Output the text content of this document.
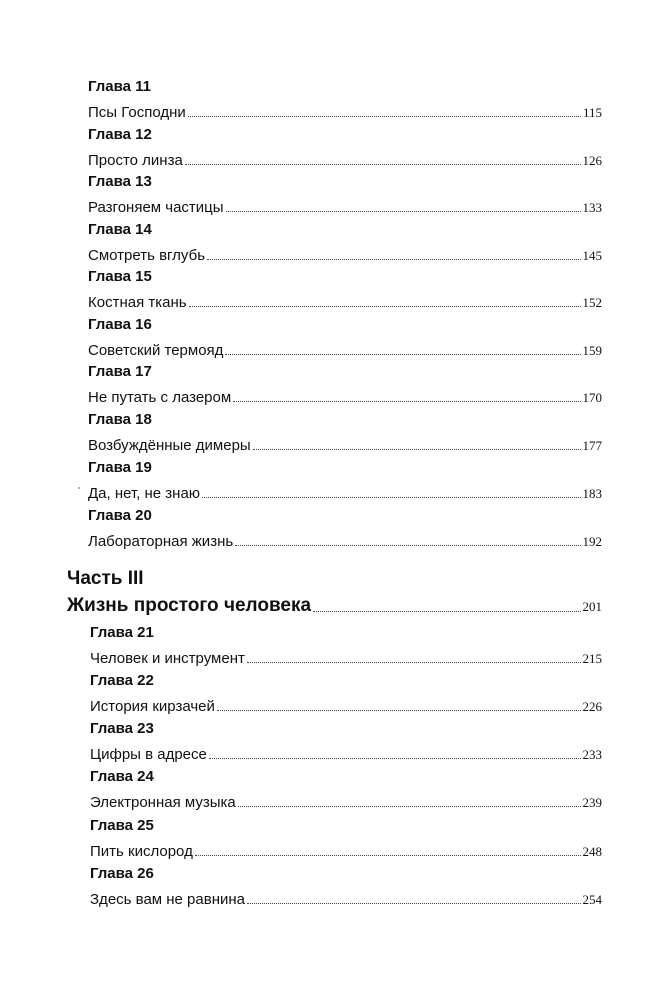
Глава 11
Псы Господни	115
Глава 12
Просто линза	126
Глава 13
Разгоняем частицы	133
Глава 14
Смотреть вглубь	145
Глава 15
Костная ткань	152
Глава 16
Советский термояд	159
Глава 17
Не путать с лазером	170
Глава 18
Возбуждённые димеры	177
Глава 19
Да, нет, не знаю	183
Глава 20
Лабораторная жизнь	192
Часть III
Жизнь простого человека	201
Глава 21
Человек и инструмент	215
Глава 22
История кирзачей	226
Глава 23
Цифры в адресе	233
Глава 24
Электронная музыка	239
Глава 25
Пить кислород	248
Глава 26
Здесь вам не равнина	254
